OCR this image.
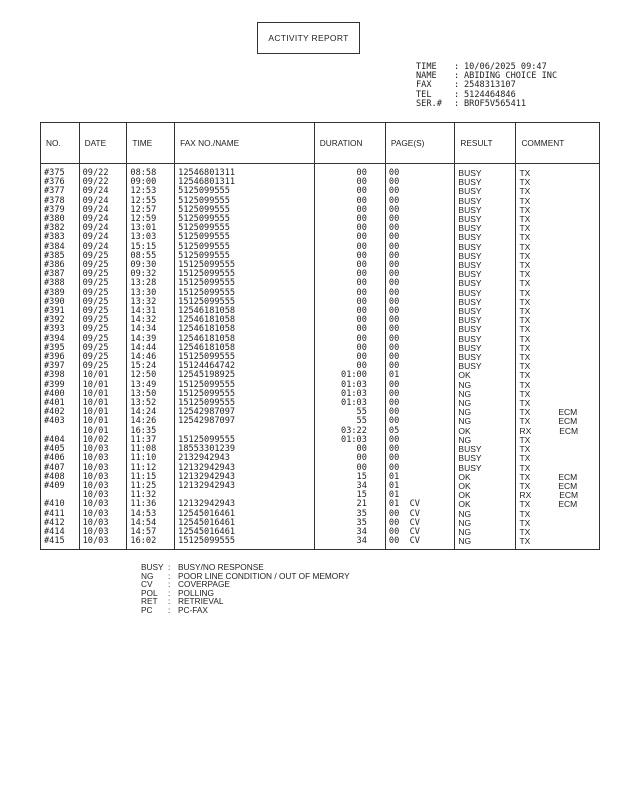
ACTIVITY REPORT
TIME	: 10/06/2025 09:47
NAME	: ABIDING CHOICE INC
FAX	: 2548313107
TEL	: 5124464846
SER.#	: BROF5V565411
NO.	DATE	TIME	FAX NO./NAME	DURATION	PAGE(S)	RESULT	COMMENT
#375	09/22	08:58	12546801311	00	00	BUSY	TX

#376	09/22	09:00	12546801311	00	00	BUSY	TX

#377	09/24	12:53	5125099555	00	00	BUSY	TX

#378	09/24	12:55	5125099555	00	00	BUSY	TX

#379	09/24	12:57	5125099555	00	00	BUSY	TX

#380	09/24	12:59	5125099555	00	00	BUSY	TX

#382	09/24	13:01	5125099555	00	00	BUSY	TX

#383	09/24	13:03	5125099555	00	00	BUSY	TX

#384	09/24	15:15	5125099555	00	00	BUSY	TX

#385	09/25	08:55	5125099555	00	00	BUSY	TX

#386	09/25	09:30	15125099555	00	00	BUSY	TX

#387	09/25	09:32	15125099555	00	00	BUSY	TX

#388	09/25	13:28	15125099555	00	00	BUSY	TX

#389	09/25	13:30	15125099555	00	00	BUSY	TX

#390	09/25	13:32	15125099555	00	00	BUSY	TX

#391	09/25	14:31	12546181058	00	00	BUSY	TX

#392	09/25	14:32	12546181058	00	00	BUSY	TX

#393	09/25	14:34	12546181058	00	00	BUSY	TX

#394	09/25	14:39	12546181058	00	00	BUSY	TX

#395	09/25	14:44	12546181058	00	00	BUSY	TX

#396	09/25	14:46	15125099555	00	00	BUSY	TX

#397	09/25	15:24	15124464742	00	00	BUSY	TX

#398	10/01	12:50	12545198925	01:00	01	OK	TX

#399	10/01	13:49	15125099555	01:03	00	NG	TX

#400	10/01	13:50	15125099555	01:03	00	NG	TX

#401	10/01	13:52	15125099555	01:03	00	NG	TX

#402	10/01	14:24	12542987097	55	00	NG	TX ECM

#403	10/01	14:26	12542987097	55	00	NG	TX ECM

	10/01	16:35		03:22	05	OK	RX ECM

#404	10/02	11:37	15125099555	01:03	00	NG	TX

#405	10/03	11:08	18553301239	00	00	BUSY	TX

#406	10/03	11:10	2132942943	00	00	BUSY	TX

#407	10/03	11:12	12132942943	00	00	BUSY	TX

#408	10/03	11:15	12132942943	15	01	OK	TX ECM

#409	10/03	11:25	12132942943	34	01	OK	TX ECM

	10/03	11:32		15	01	OK	RX ECM

#410	10/03	11:36	12132942943	21	01  CV	OK	TX ECM

#411	10/03	14:53	12545016461	35	00  CV	NG	TX

#412	10/03	14:54	12545016461	35	00  CV	NG	TX

#414	10/03	14:57	12545016461	34	00  CV	NG	TX

#415	10/03	16:02	15125099555	34	00  CV	NG	TX
BUSY : BUSY/NO RESPONSE
NG	: POOR LINE CONDITION / OUT OF MEMORY
CV	: COVERPAGE
POL	: POLLING
RET	: RETRIEVAL
PC	: PC-FAX
